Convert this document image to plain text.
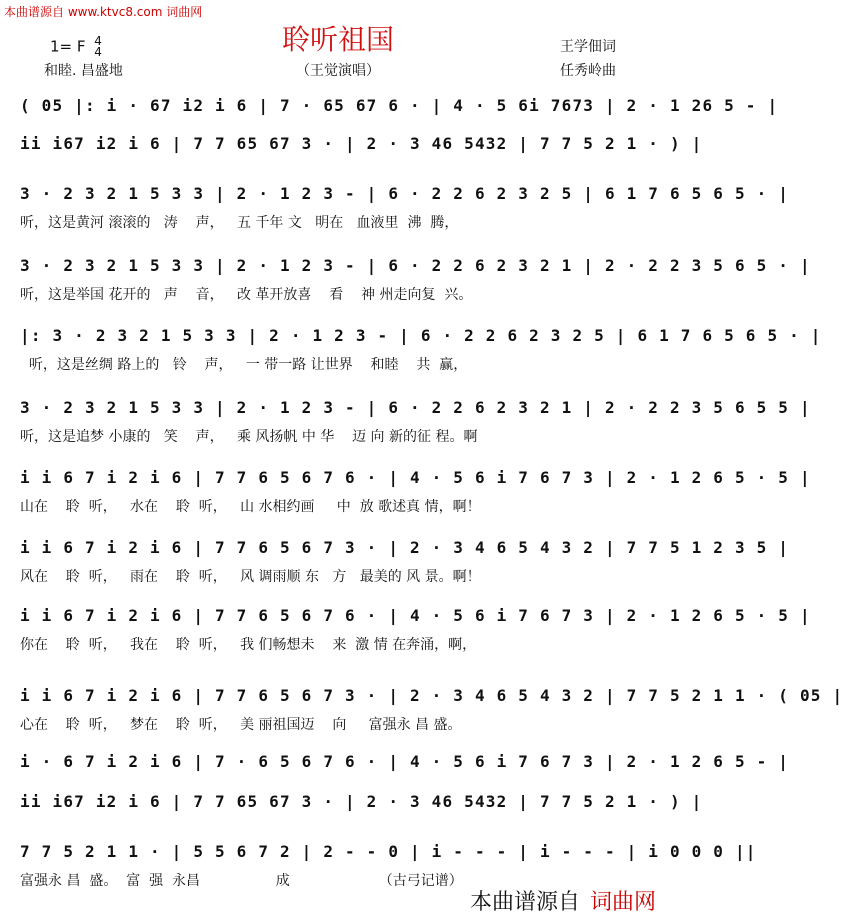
本曲谱源自 www.ktvc8.com 词曲网
聆听祖国
1= F 4
4
和睦. 昌盛地	（王觉演唱）
王学佃词
任秀岭曲
( 05 |: i · 67 i2 i 6 | 7 · 65 67 6 · | 4 · 5 6i 7673 | 2 · 1 26 5 - |
ii i67 i2 i 6 | 7 7 65 67 3 · | 2 · 3 46 5432 | 7 7 5 2 1 · ) |
3 · 2 3 2 1 5 3 3 | 2 · 1 2 3 - | 6 · 2 2 6 2 3 2 5 | 6 1 7 6 5 6 5 · |
听，这是黄河 滚滚的   涛    声，   五 千年 文   明在   血液里  沸  腾，
3 · 2 3 2 1 5 3 3 | 2 · 1 2 3 - | 6 · 2 2 6 2 3 2 1 | 2 · 2 2 3 5 6 5 · |
听，这是举国 花开的   声    音，   改 革开放喜    看    神 州走向复  兴。
|: 3 · 2 3 2 1 5 3 3 | 2 · 1 2 3 - | 6 · 2 2 6 2 3 2 5 | 6 1 7 6 5 6 5 · |
听，这是丝绸 路上的   铃    声，   一 带一路 让世界    和睦    共  赢，
3 · 2 3 2 1 5 3 3 | 2 · 1 2 3 - | 6 · 2 2 6 2 3 2 1 | 2 · 2 2 3 5 6 5 5 |
听，这是追梦 小康的   笑    声，   乘 风扬帆 中 华    迈 向 新的征 程。啊
i i 6 7 i 2 i 6 | 7 7 6 5 6 7 6 · | 4 · 5 6 i 7 6 7 3 | 2 · 1 2 6 5 · 5 |
山在    聆  听，   水在    聆  听，   山 水相约画     中  放 歌述真 情，啊！
i i 6 7 i 2 i 6 | 7 7 6 5 6 7 3 · | 2 · 3 4 6 5 4 3 2 | 7 7 5 1 2 3 5 |
风在    聆  听，   雨在    聆  听，   风 调雨顺 东   方   最美的 风 景。啊！
i i 6 7 i 2 i 6 | 7 7 6 5 6 7 6 · | 4 · 5 6 i 7 6 7 3 | 2 · 1 2 6 5 · 5 |
你在    聆  听，   我在    聆  听，   我 们畅想未    来  激 情 在奔涌，啊，
i i 6 7 i 2 i 6 | 7 7 6 5 6 7 3 · | 2 · 3 4 6 5 4 3 2 | 7 7 5 2 1 1 · ( 05 |
心在    聆  听，   梦在    聆  听，   美 丽祖国迈    向     富强永 昌 盛。
i · 6 7 i 2 i 6 | 7 · 6 5 6 7 6 · | 4 · 5 6 i 7 6 7 3 | 2 · 1 2 6 5 - |
ii i67 i2 i 6 | 7 7 65 67 3 · | 2 · 3 46 5432 | 7 7 5 2 1 · ) |
7 7 5 2 1 1 · | 5 5 6 7 2 | 2 - - 0 | i - - - | i - - - | i 0 0 0 ||
富强永 昌  盛。  富  强  永昌                 成                    （古弓记谱）
本曲谱源自 词曲网
